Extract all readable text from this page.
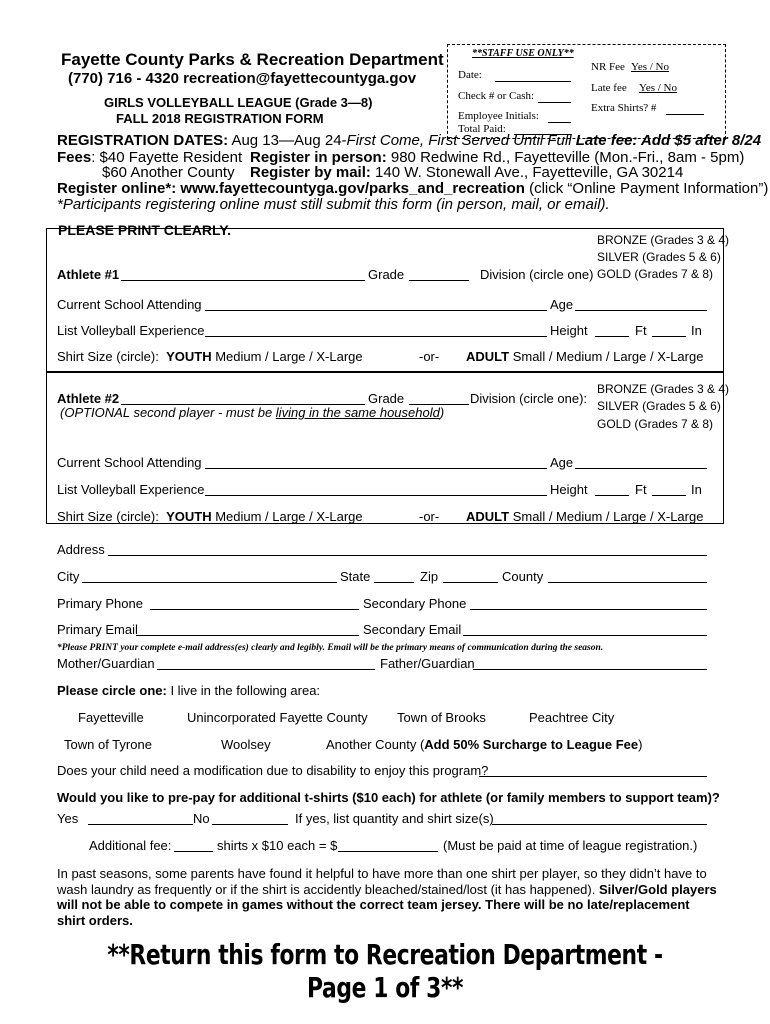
Fayette County Parks & Recreation Department
(770) 716 - 4320 recreation@fayettecountyga.gov
GIRLS VOLLEYBALL LEAGUE (Grade 3—8)
FALL 2018 REGISTRATION FORM
**STAFF USE ONLY**
Date:
Check # or Cash:
Employee Initials:
Total Paid:
NR Fee Yes / No
Late fee Yes / No
Extra Shirts? #
REGISTRATION DATES: Aug 13—Aug 24-First Come, First Served Until Full Late fee: Add $5 after 8/24
Fees: $40 Fayette Resident Register in person: 980 Redwine Rd., Fayetteville (Mon.-Fri., 8am - 5pm)
$60 Another County Register by mail: 140 W. Stonewall Ave., Fayetteville, GA 30214
Register online*: www.fayettecountyga.gov/parks_and_recreation (click “Online Payment Information”)
*Participants registering online must still submit this form (in person, mail, or email).
PLEASE PRINT CLEARLY.
BRONZE (Grades 3 & 4)
SILVER (Grades 5 & 6)
GOLD (Grades 7 & 8)
Athlete #1	Grade	Division (circle one)
Current School Attending	Age
List Volleyball Experience	Height	Ft	In
Shirt Size (circle): YOUTH Medium / Large / X-Large	-or- ADULT Small / Medium / Large / X-Large
BRONZE (Grades 3 & 4)
SILVER (Grades 5 & 6)
GOLD (Grades 7 & 8)
Athlete #2	Grade	Division (circle one):
(OPTIONAL second player - must be living in the same household)
Current School Attending	Age
List Volleyball Experience	Height	Ft	In
Shirt Size (circle): YOUTH Medium / Large / X-Large	-or- ADULT Small / Medium / Large / X-Large
Address
City	State	Zip	County
Primary Phone	Secondary Phone
Primary Email	Secondary Email
*Please PRINT your complete e-mail address(es) clearly and legibly. Email will be the primary means of communication during the season.
Mother/Guardian	Father/Guardian
Please circle one: I live in the following area:
Fayetteville	Unincorporated Fayette County Town of Brooks	Peachtree City
Town of Tyrone	Woolsey	Another County (Add 50% Surcharge to League Fee)
Does your child need a modification due to disability to enjoy this program?
Would you like to pre-pay for additional t-shirts ($10 each) for athlete (or family members to support team)?
Yes	No	If yes, list quantity and shirt size(s)
Additional fee:	shirts x $10 each = $	(Must be paid at time of league registration.)
In past seasons, some parents have found it helpful to have more than one shirt per player, so they didn’t have to wash laundry as frequently or if the shirt is accidently bleached/stained/lost (it has happened). Silver/Gold players will not be able to compete in games without the correct team jersey. There will be no late/replacement shirt orders.
**Return this form to Recreation Department - Page 1 of 3**
